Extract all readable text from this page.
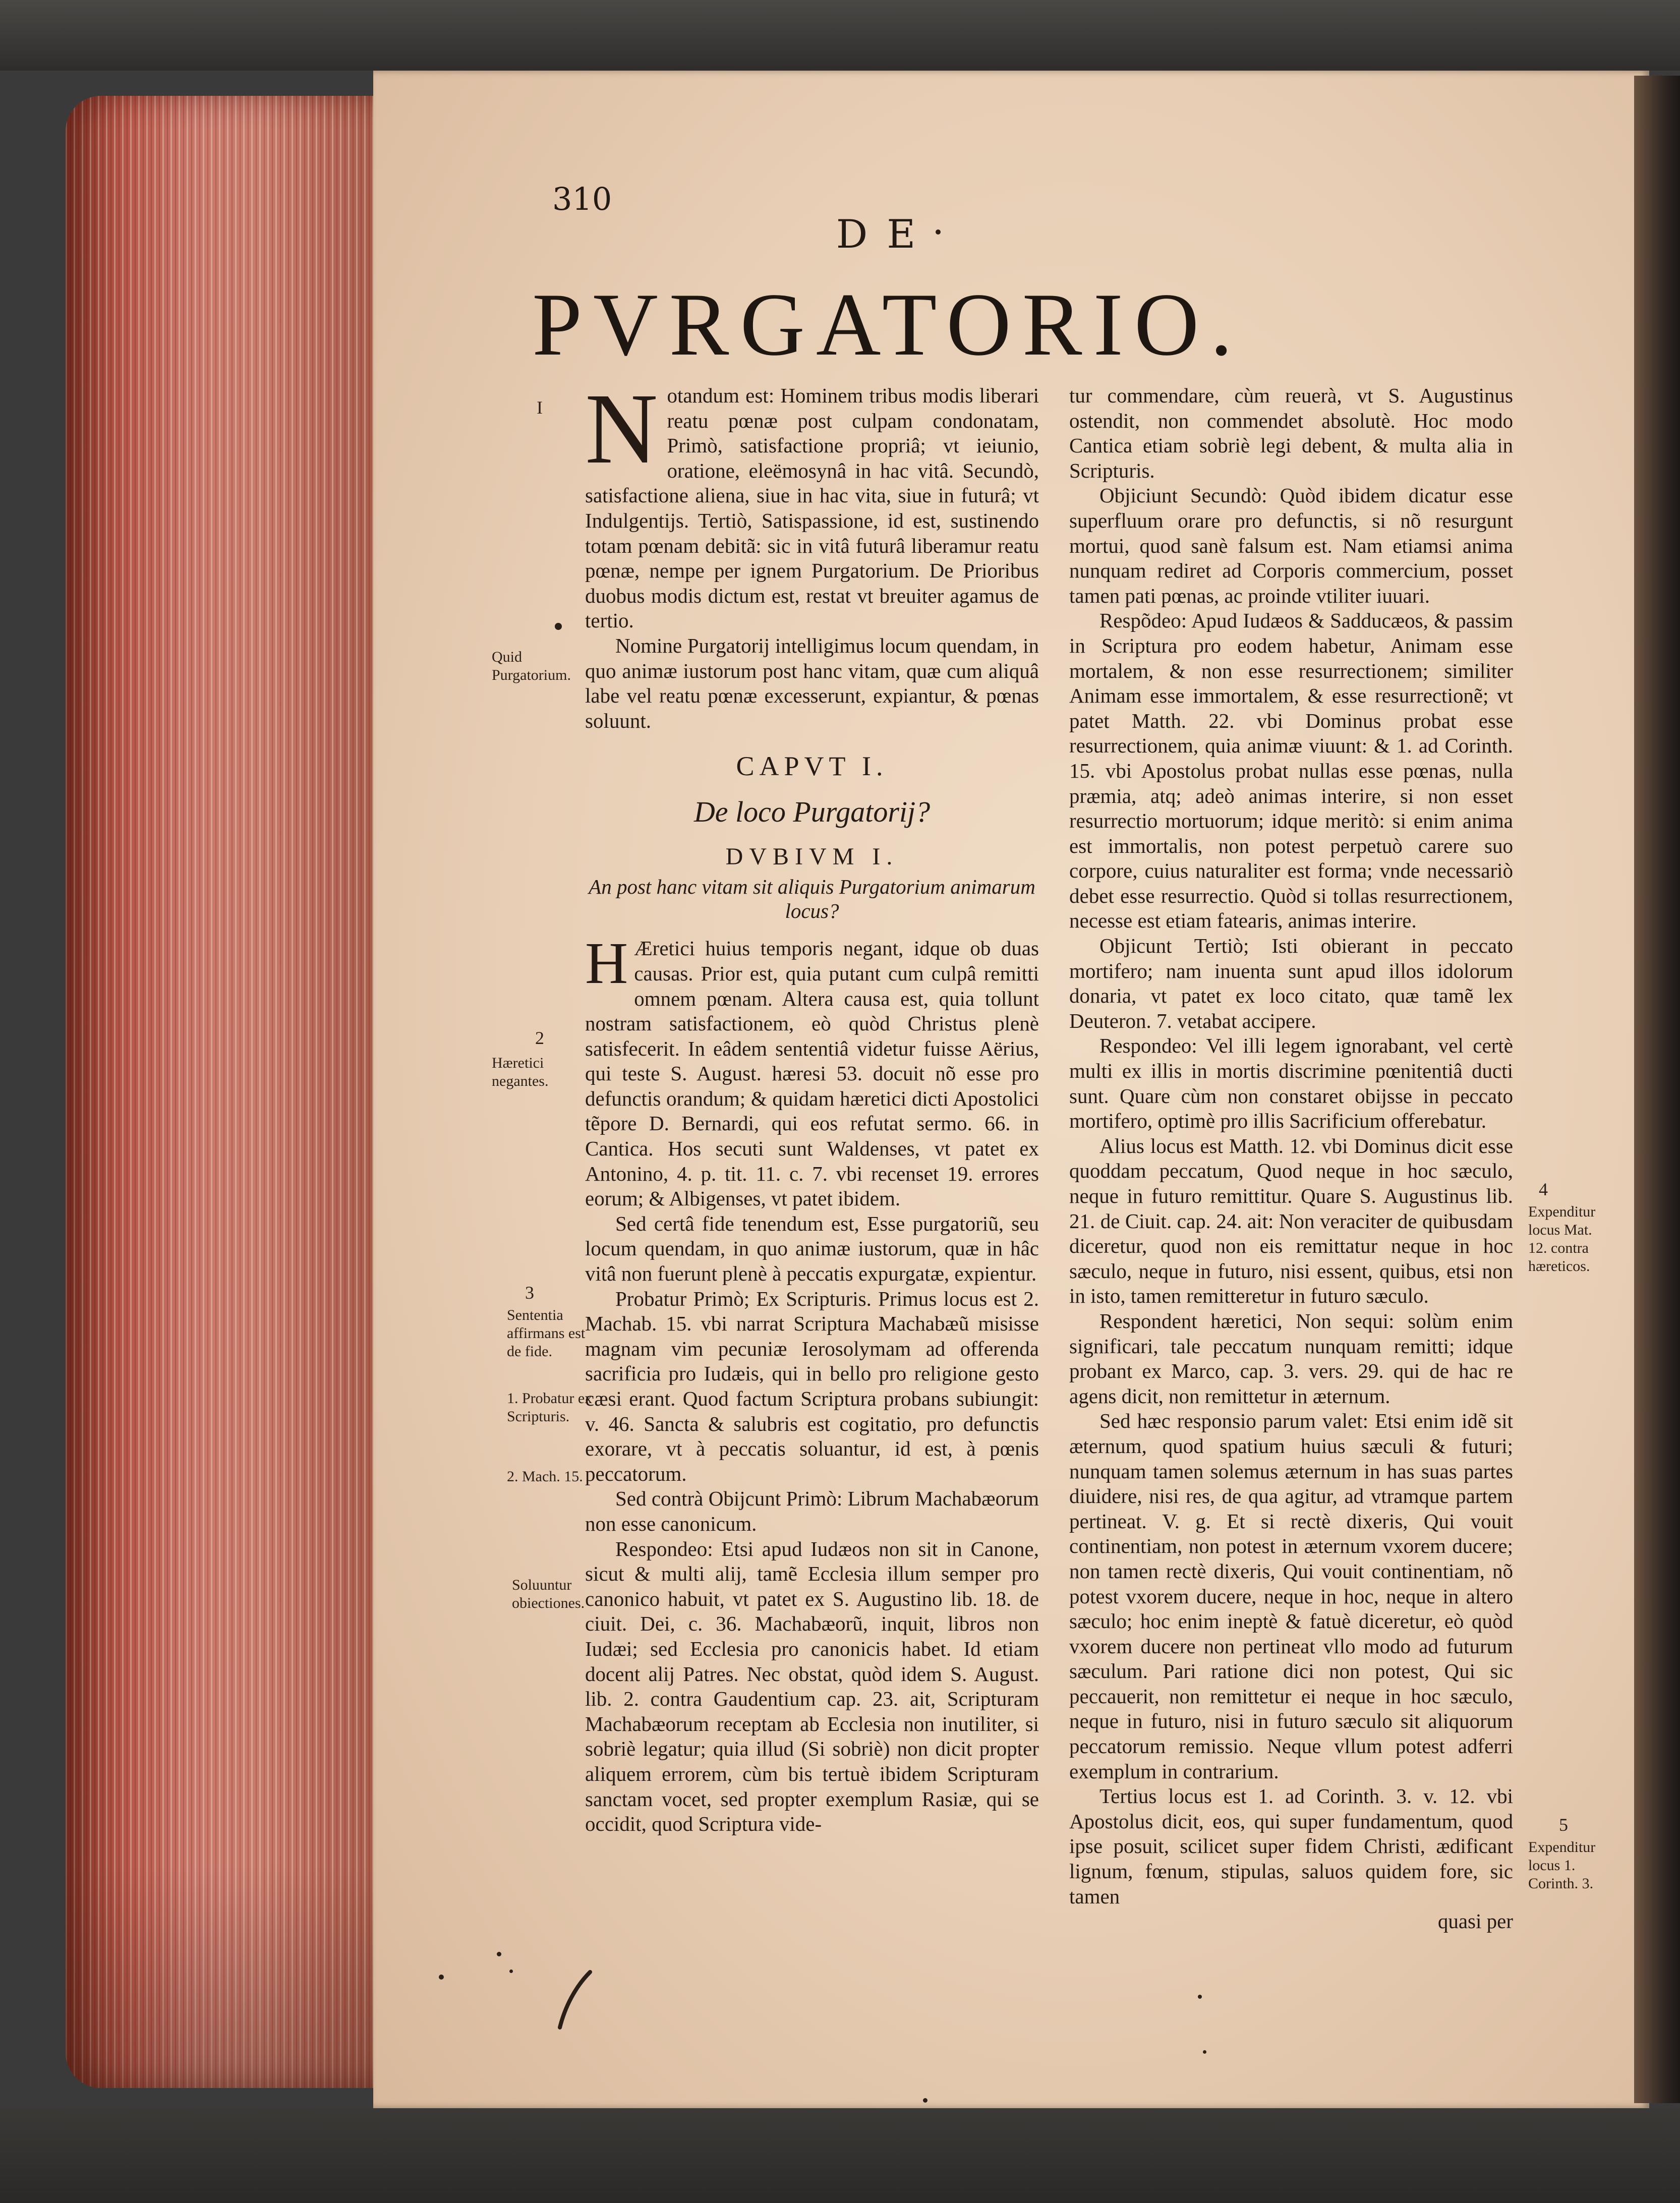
310
DE
PVRGATORIO.
N otandum est: Hominem tribus modis liberari reatu pœnæ post culpam condonatam, Primò, satisfactione propriâ; vt ieiunio, oratione, eleëmosynâ in hac vitâ. Secundò, satisfactione aliena, siue in hac vita, siue in futurâ; vt Indulgentijs. Tertiò, Satispassione, id est, sustinendo totam pœnam debitã: sic in vitâ futurâ liberamur reatu pœnæ, nempe per ignem Purgatorium. De Prioribus duobus modis dictum est, restat vt breuiter agamus de tertio.

Nomine Purgatorij intelligimus locum quendam, in quo animæ iustorum post hanc vitam, quæ cum aliquâ labe vel reatu pœnæ excesserunt, expiantur, & pœnas soluunt.

CAPVT I.

De loco Purgatorij?

DVBIVM I.

An post hanc vitam sit aliquis Purgatorium animarum locus?

H Æretici huius temporis negant, idque ob duas causas. Prior est, quia putant cum culpâ remitti omnem pœnam. Altera causa est, quia tollunt nostram satisfactionem, eò quòd Christus plenè satisfecerit. In eâdem sententiâ videtur fuisse Aërius, qui teste S. August. hæresi 53. docuit nõ esse pro defunctis orandum; & quidam hæretici dicti Apostolici tẽpore D. Bernardi, qui eos refutat sermo. 66. in Cantica. Hos secuti sunt Waldenses, vt patet ex Antonino, 4. p. tit. 11. c. 7. vbi recenset 19. errores eorum; & Albigenses, vt patet ibidem.

Sed certâ fide tenendum est, Esse purgatoriũ, seu locum quendam, in quo animæ iustorum, quæ in hâc vitâ non fuerunt plenè à peccatis expurgatæ, expientur.

Probatur Primò; Ex Scripturis. Primus locus est 2. Machab. 15. vbi narrat Scriptura Machabæũ misisse magnam vim pecuniæ Ierosolymam ad offerenda sacrificia pro Iudæis, qui in bello pro religione gesto cæsi erant. Quod factum Scriptura probans subiungit: v. 46. Sancta & salubris est cogitatio, pro defunctis exorare, vt à peccatis soluantur, id est, à pœnis peccatorum.

Sed contrà Obijcunt Primò: Librum Machabæorum non esse canonicum.

Respondeo: Etsi apud Iudæos non sit in Canone, sicut & multi alij, tamẽ Ecclesia illum semper pro canonico habuit, vt patet ex S. Augustino lib. 18. de ciuit. Dei, c. 36. Machabæorũ, inquit, libros non Iudæi; sed Ecclesia pro canonicis habet. Id etiam docent alij Patres. Nec obstat, quòd idem S. August. lib. 2. contra Gaudentium cap. 23. ait, Scripturam Machabæorum receptam ab Ecclesia non inutiliter, si sobriè legatur; quia illud (Si sobriè) non dicit propter aliquem errorem, cùm bis tertuè ibidem Scripturam sanctam vocet, sed propter exemplum Rasiæ, qui se occidit, quod Scriptura vide-

tur commendare, cùm reuerà, vt S. Augustinus ostendit, non commendet absolutè. Hoc modo Cantica etiam sobriè legi debent, & multa alia in Scripturis.

Objiciunt Secundò: Quòd ibidem dicatur esse superfluum orare pro defunctis, si nõ resurgunt mortui, quod sanè falsum est. Nam etiamsi anima nunquam rediret ad Corporis commercium, posset tamen pati pœnas, ac proinde vtiliter iuuari.

Respõdeo: Apud Iudæos & Sadducæos, & passim in Scriptura pro eodem habetur, Animam esse mortalem, & non esse resurrectionem; similiter Animam esse immortalem, & esse resurrectionẽ; vt patet Matth. 22. vbi Dominus probat esse resurrectionem, quia animæ viuunt: & 1. ad Corinth. 15. vbi Apostolus probat nullas esse pœnas, nulla præmia, atq; adeò animas interire, si non esset resurrectio mortuorum; idque meritò: si enim anima est immortalis, non potest perpetuò carere suo corpore, cuius naturaliter est forma; vnde necessariò debet esse resurrectio. Quòd si tollas resurrectionem, necesse est etiam fatearis, animas interire.

Objicunt Tertiò; Isti obierant in peccato mortifero; nam inuenta sunt apud illos idolorum donaria, vt patet ex loco citato, quæ tamẽ lex Deuteron. 7. vetabat accipere.

Respondeo: Vel illi legem ignorabant, vel certè multi ex illis in mortis discrimine pœnitentiâ ducti sunt. Quare cùm non constaret obijsse in peccato mortifero, optimè pro illis Sacrificium offerebatur.

Alius locus est Matth. 12. vbi Dominus dicit esse quoddam peccatum, Quod neque in hoc sæculo, neque in futuro remittitur. Quare S. Augustinus lib. 21. de Ciuit. cap. 24. ait: Non veraciter de quibusdam diceretur, quod non eis remittatur neque in hoc sæculo, neque in futuro, nisi essent, quibus, etsi non in isto, tamen remitteretur in futuro sæculo.

Respondent hæretici, Non sequi: solùm enim significari, tale peccatum nunquam remitti; idque probant ex Marco, cap. 3. vers. 29. qui de hac re agens dicit, non remittetur in æternum.

Sed hæc responsio parum valet: Etsi enim idẽ sit æternum, quod spatium huius sæculi & futuri; nunquam tamen solemus æternum in has suas partes diuidere, nisi res, de qua agitur, ad vtramque partem pertineat. V. g. Et si rectè dixeris, Qui vouit continentiam, non potest in æternum vxorem ducere; non tamen rectè dixeris, Qui vouit continentiam, nõ potest vxorem ducere, neque in hoc, neque in altero sæculo; hoc enim ineptè & fatuè diceretur, eò quòd vxorem ducere non pertineat vllo modo ad futurum sæculum. Pari ratione dici non potest, Qui sic peccauerit, non remittetur ei neque in hoc sæculo, neque in futuro, nisi in futuro sæculo sit aliquorum peccatorum remissio. Neque vllum potest adferri exemplum in contrarium.

Tertius locus est 1. ad Corinth. 3. v. 12. vbi Apostolus dicit, eos, qui super fundamentum, quod ipse posuit, scilicet super fidem Christi, ædificant lignum, fœnum, stipulas, saluos quidem fore, sic tamen

quasi per

I
Quid Purgatorium.
2
Hæretici negantes.
3
Sententia affirmans est de fide.
1. Probatur ex Scripturis.
2. Mach. 15.
Soluuntur obiectiones.
4
Expenditur locus Mat. 12. contra hæreticos.
5
Expenditur locus 1. Corinth. 3.
